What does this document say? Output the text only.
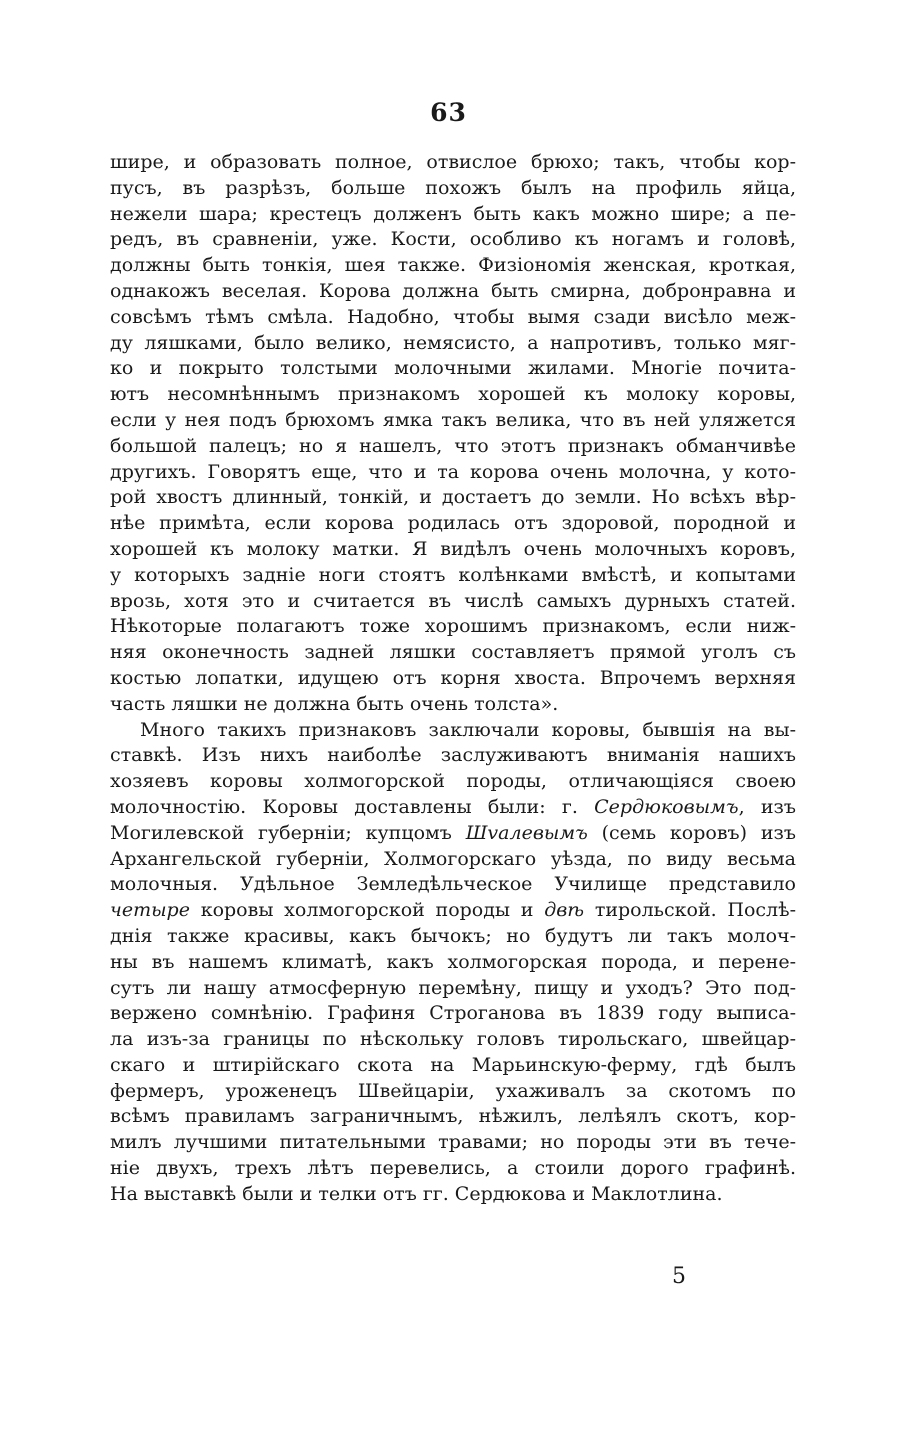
63
шире, и образовать полное, отвислое брюхо; такъ, чтобы кор-
пусъ, въ разрѣзъ, больше похожъ былъ на профиль яйца,
нежели шара; крестецъ долженъ быть какъ можно шире; а пе-
редъ, въ сравненіи, уже. Кости, особливо къ ногамъ и головѣ,
должны быть тонкія, шея также. Физіономія женская, кроткая,
однакожъ веселая. Корова должна быть смирна, добронравна и
совсѣмъ тѣмъ смѣла. Надобно, чтобы вымя сзади висѣло меж-
ду ляшками, было велико, немясисто, а напротивъ, только мяг-
ко и покрыто толстыми молочными жилами. Многіе почита-
ютъ несомнѣннымъ признакомъ хорошей къ молоку коровы,
если у нея подъ брюхомъ ямка такъ велика, что въ ней уляжется
большой палецъ; но я нашелъ, что этотъ признакъ обманчивѣе
другихъ. Говорятъ еще, что и та корова очень молочна, у кото-
рой хвостъ длинный, тонкій, и достаетъ до земли. Но всѣхъ вѣр-
нѣе примѣта, если корова родилась отъ здоровой, породной и
хорошей къ молоку матки. Я видѣлъ очень молочныхъ коровъ,
у которыхъ задніе ноги стоятъ колѣнками вмѣстѣ, и копытами
врозь, хотя это и считается въ числѣ самыхъ дурныхъ статей.
Нѣкоторые полагаютъ тоже хорошимъ признакомъ, если ниж-
няя оконечность задней ляшки составляетъ прямой уголъ съ
костью лопатки, идущею отъ корня хвоста. Впрочемъ верхняя
часть ляшки не должна быть очень толста».
Много такихъ признаковъ заключали коровы, бывшія на вы-
ставкѣ. Изъ нихъ наиболѣе заслуживаютъ вниманія нашихъ
хозяевъ коровы холмогорской породы, отличающіяся своею
молочностію. Коровы доставлены были: г. Сердюковымъ, изъ
Могилевской губерніи; купцомъ Шvалевымъ (семь коровъ) изъ
Архангельской губерніи, Холмогорскаго уѣзда, по виду весьма
молочныя. Удѣльное Земледѣльческое Училище представило
четыре коровы холмогорской породы и двѣ тирольской. Послѣ-
днія также красивы, какъ бычокъ; но будутъ ли такъ молоч-
ны въ нашемъ климатѣ, какъ холмогорская порода, и перене-
сутъ ли нашу атмосферную перемѣну, пищу и уходъ? Это под-
вержено сомнѣнію. Графиня Строганова въ 1839 году выписа-
ла изъ-за границы по нѣскольку головъ тирольскаго, швейцар-
скаго и штирійскаго скота на Марьинскую-ферму, гдѣ былъ
фермеръ, уроженецъ Швейцаріи, ухаживалъ за скотомъ по
всѣмъ правиламъ заграничнымъ, нѣжилъ, лелѣялъ скотъ, кор-
милъ лучшими питательными травами; но породы эти въ тече-
ніе двухъ, трехъ лѣтъ перевелись, а стоили дорого графинѣ.
На выставкѣ были и телки отъ гг. Сердюкова и Маклотлина.
5
